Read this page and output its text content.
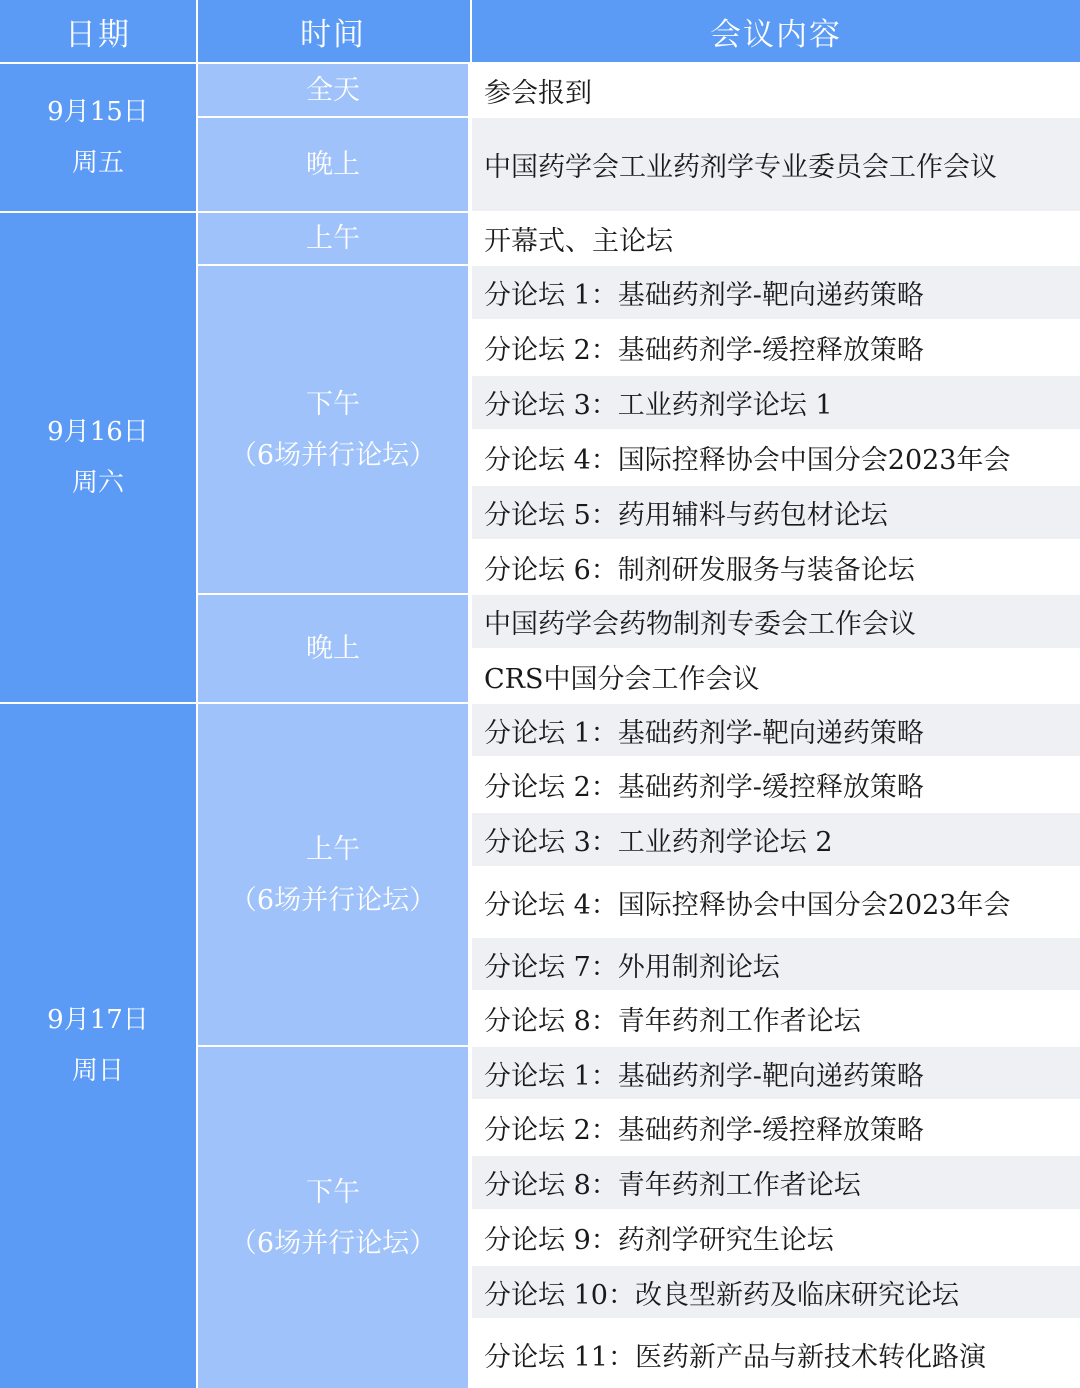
日期	时间	会议内容
9月15日
周五
9月16日
周六
9月17日
周日
全天
晚上
上午
下午
（6场并行论坛）
晚上
上午
（6场并行论坛）
下午
（6场并行论坛）
参会报到
中国药学会工业药剂学专业委员会工作会议
开幕式、主论坛
分论坛 1：基础药剂学-靶向递药策略
分论坛 2：基础药剂学-缓控释放策略
分论坛 3：工业药剂学论坛 1
分论坛 4：国际控释协会中国分会2023年会
分论坛 5：药用辅料与药包材论坛
分论坛 6：制剂研发服务与装备论坛
中国药学会药物制剂专委会工作会议
CRS中国分会工作会议
分论坛 1：基础药剂学-靶向递药策略
分论坛 2：基础药剂学-缓控释放策略
分论坛 3：工业药剂学论坛 2
分论坛 4：国际控释协会中国分会2023年会
分论坛 7：外用制剂论坛
分论坛 8：青年药剂工作者论坛
分论坛 1：基础药剂学-靶向递药策略
分论坛 2：基础药剂学-缓控释放策略
分论坛 8：青年药剂工作者论坛
分论坛 9：药剂学研究生论坛
分论坛 10：改良型新药及临床研究论坛
分论坛 11：医药新产品与新技术转化路演
